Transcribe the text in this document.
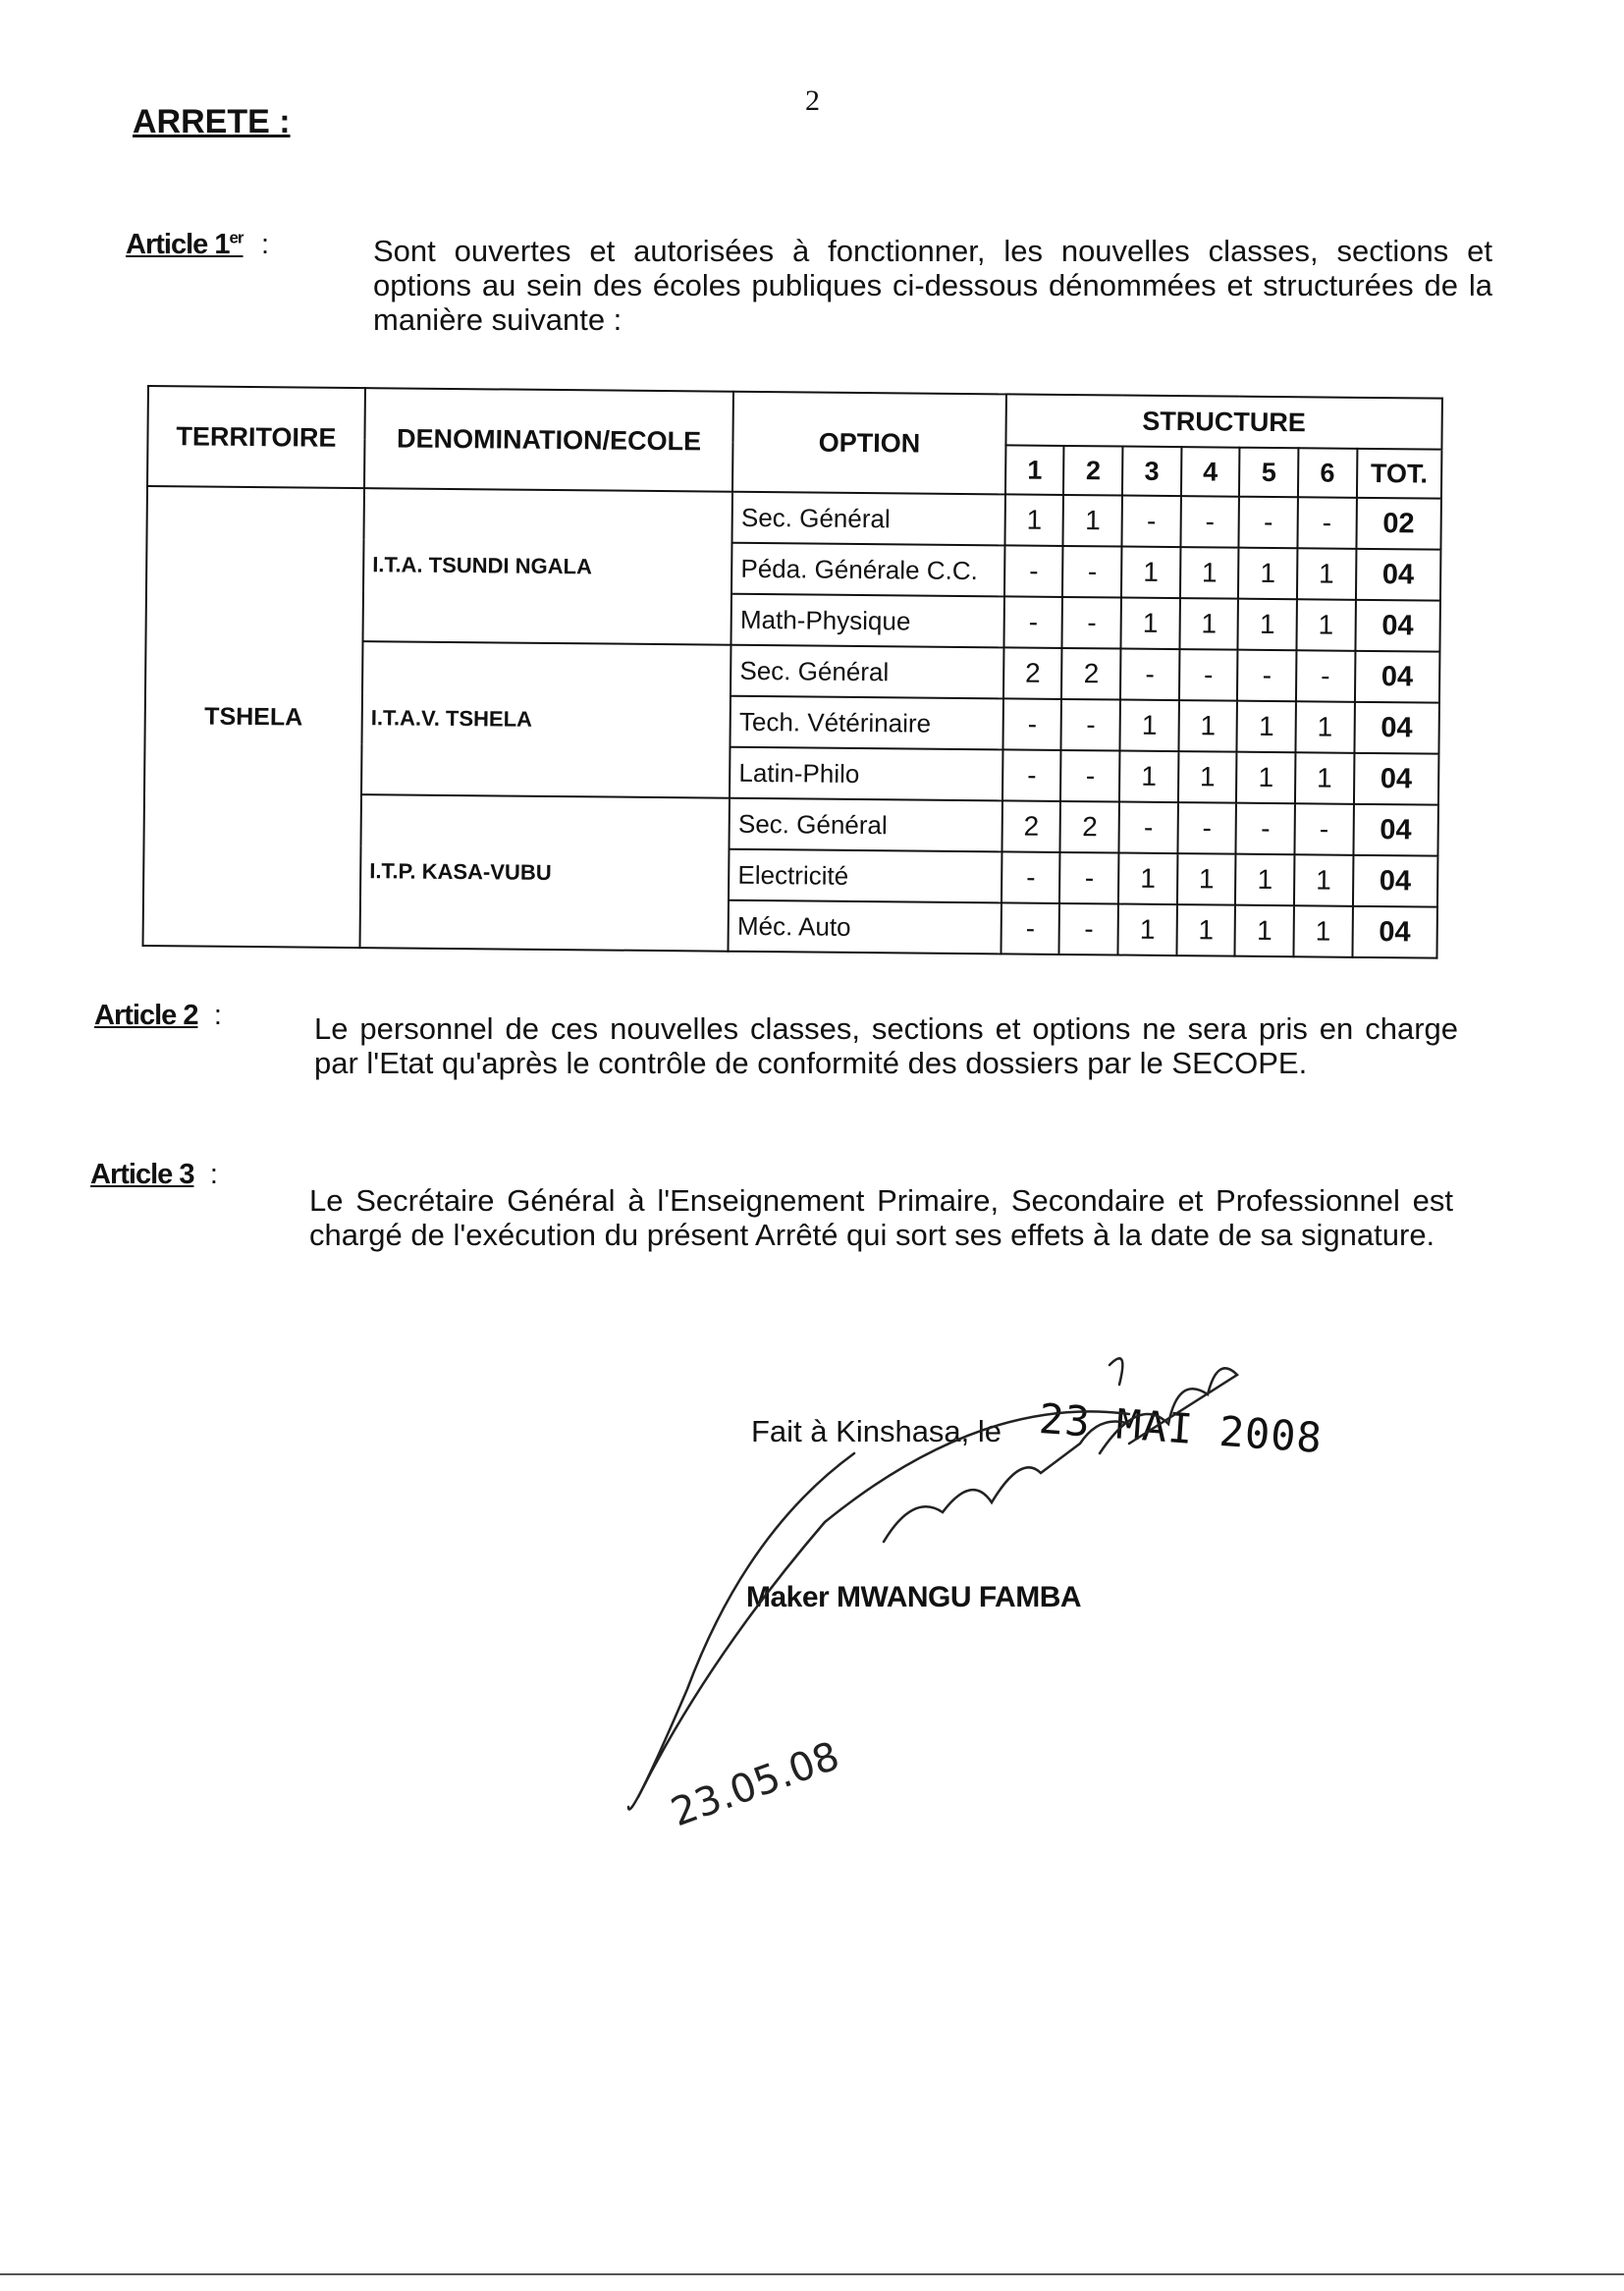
2
ARRETE :
Article 1er :	Sont ouvertes et autorisées à fonctionner, les nouvelles classes, sections et options au sein des écoles publiques ci-dessous dénommées et structurées de la manière suivante :
TERRITOIRE	DENOMINATION/ECOLE	OPTION	STRUCTURE						
			1	2	3	4	5	6	TOT.
TSHELA	I.T.A. TSUNDI NGALA	Sec. Général	1	1	-	-	-	-	02
		Péda. Générale C.C.	-	-	1	1	1	1	04
		Math-Physique	-	-	1	1	1	1	04
	I.T.A.V. TSHELA	Sec. Général	2	2	-	-	-	-	04
		Tech. Vétérinaire	-	-	1	1	1	1	04
		Latin-Philo	-	-	1	1	1	1	04
	I.T.P. KASA-VUBU	Sec. Général	2	2	-	-	-	-	04
		Electricité	-	-	1	1	1	1	04
		Méc. Auto	-	-	1	1	1	1	04
Article 2 :	Le personnel de ces nouvelles classes, sections et options ne sera pris en charge par l'Etat qu'après le contrôle de conformité des dossiers par le SECOPE.
Article 3 :
Le Secrétaire Général à l'Enseignement Primaire, Secondaire et Professionnel est chargé de l'exécution du présent Arrêté qui sort ses effets à la date de sa signature.
Fait à Kinshasa, le 23 MAI 2008
Maker MWANGU FAMBA
23.05.08
